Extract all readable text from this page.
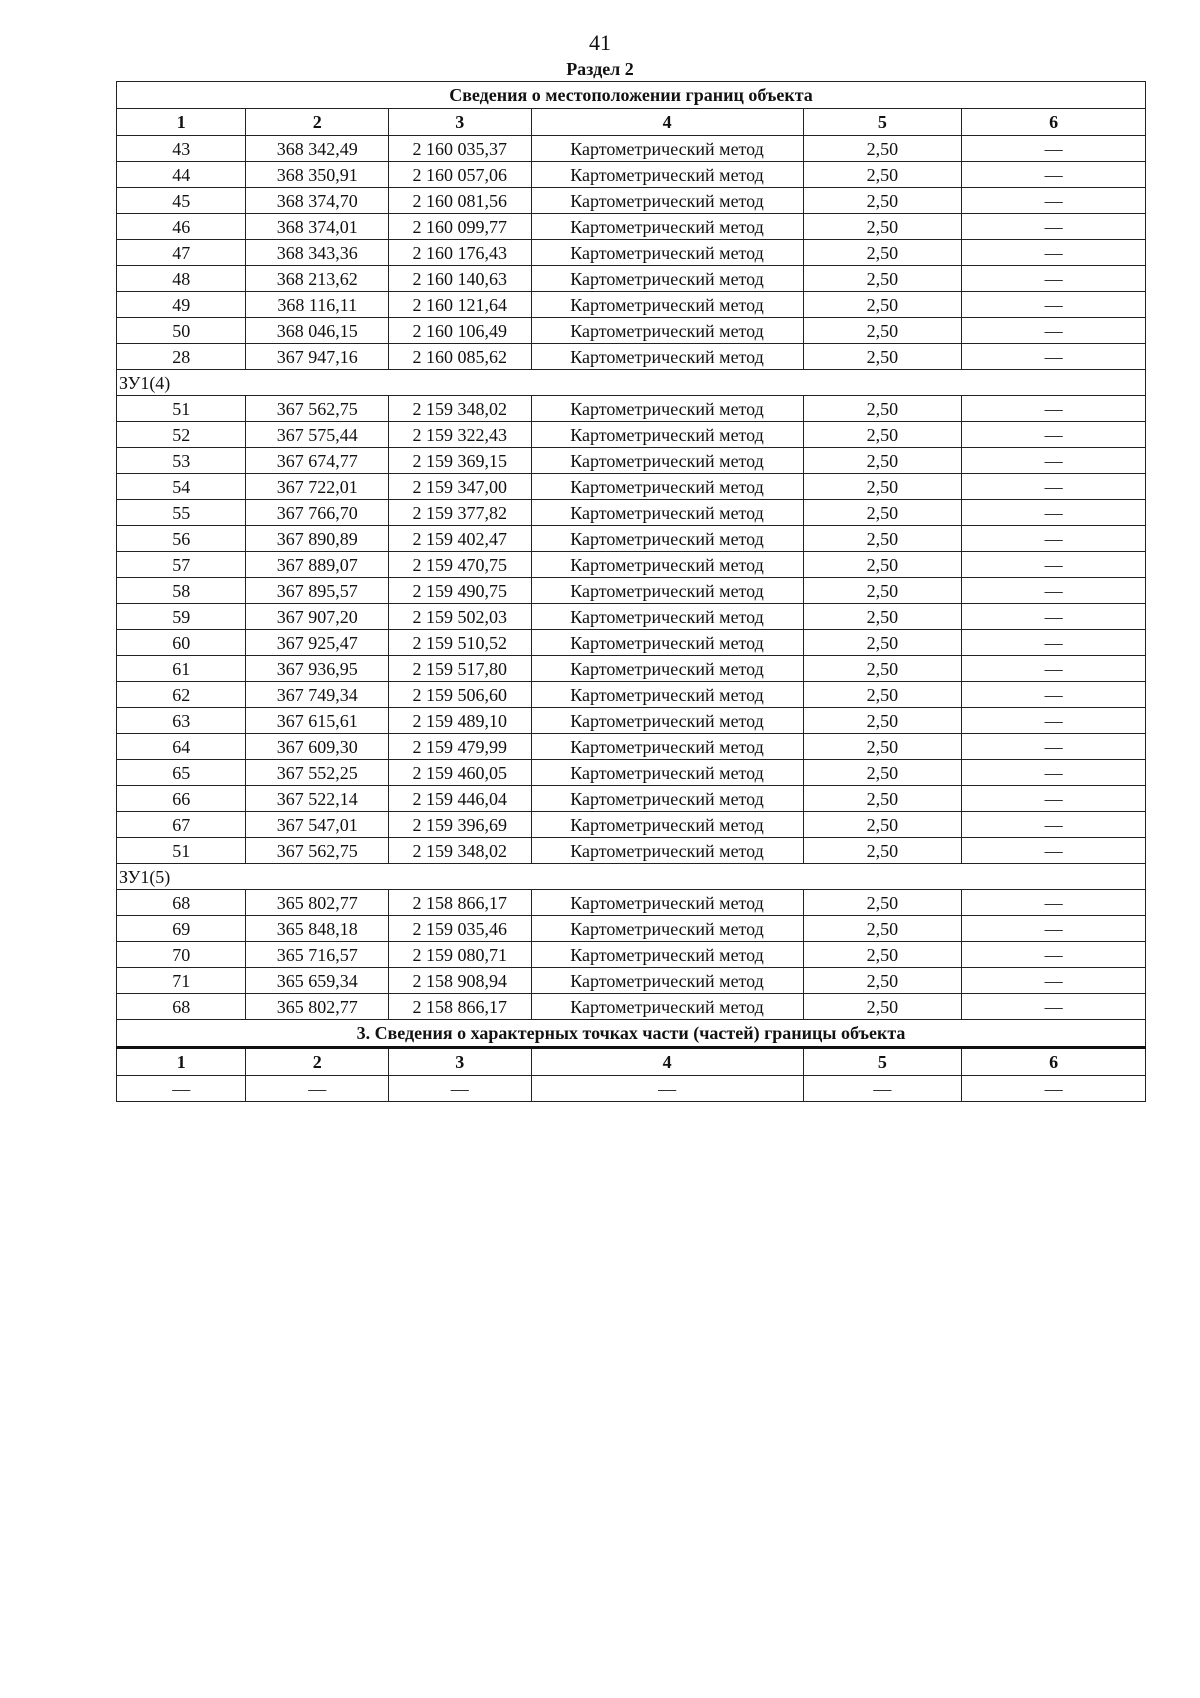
41
Раздел 2
Сведения о местоположении границ объекта					
1	2	3	4	5	6
43	368 342,49	2 160 035,37	Картометрический метод	2,50	—
44	368 350,91	2 160 057,06	Картометрический метод	2,50	—
45	368 374,70	2 160 081,56	Картометрический метод	2,50	—
46	368 374,01	2 160 099,77	Картометрический метод	2,50	—
47	368 343,36	2 160 176,43	Картометрический метод	2,50	—
48	368 213,62	2 160 140,63	Картометрический метод	2,50	—
49	368 116,11	2 160 121,64	Картометрический метод	2,50	—
50	368 046,15	2 160 106,49	Картометрический метод	2,50	—
28	367 947,16	2 160 085,62	Картометрический метод	2,50	—
ЗУ1(4)					
51	367 562,75	2 159 348,02	Картометрический метод	2,50	—
52	367 575,44	2 159 322,43	Картометрический метод	2,50	—
53	367 674,77	2 159 369,15	Картометрический метод	2,50	—
54	367 722,01	2 159 347,00	Картометрический метод	2,50	—
55	367 766,70	2 159 377,82	Картометрический метод	2,50	—
56	367 890,89	2 159 402,47	Картометрический метод	2,50	—
57	367 889,07	2 159 470,75	Картометрический метод	2,50	—
58	367 895,57	2 159 490,75	Картометрический метод	2,50	—
59	367 907,20	2 159 502,03	Картометрический метод	2,50	—
60	367 925,47	2 159 510,52	Картометрический метод	2,50	—
61	367 936,95	2 159 517,80	Картометрический метод	2,50	—
62	367 749,34	2 159 506,60	Картометрический метод	2,50	—
63	367 615,61	2 159 489,10	Картометрический метод	2,50	—
64	367 609,30	2 159 479,99	Картометрический метод	2,50	—
65	367 552,25	2 159 460,05	Картометрический метод	2,50	—
66	367 522,14	2 159 446,04	Картометрический метод	2,50	—
67	367 547,01	2 159 396,69	Картометрический метод	2,50	—
51	367 562,75	2 159 348,02	Картометрический метод	2,50	—
ЗУ1(5)					
68	365 802,77	2 158 866,17	Картометрический метод	2,50	—
69	365 848,18	2 159 035,46	Картометрический метод	2,50	—
70	365 716,57	2 159 080,71	Картометрический метод	2,50	—
71	365 659,34	2 158 908,94	Картометрический метод	2,50	—
68	365 802,77	2 158 866,17	Картометрический метод	2,50	—
3. Сведения о характерных точках части (частей) границы объекта					
1	2	3	4	5	6
—	—	—	—	—	—
